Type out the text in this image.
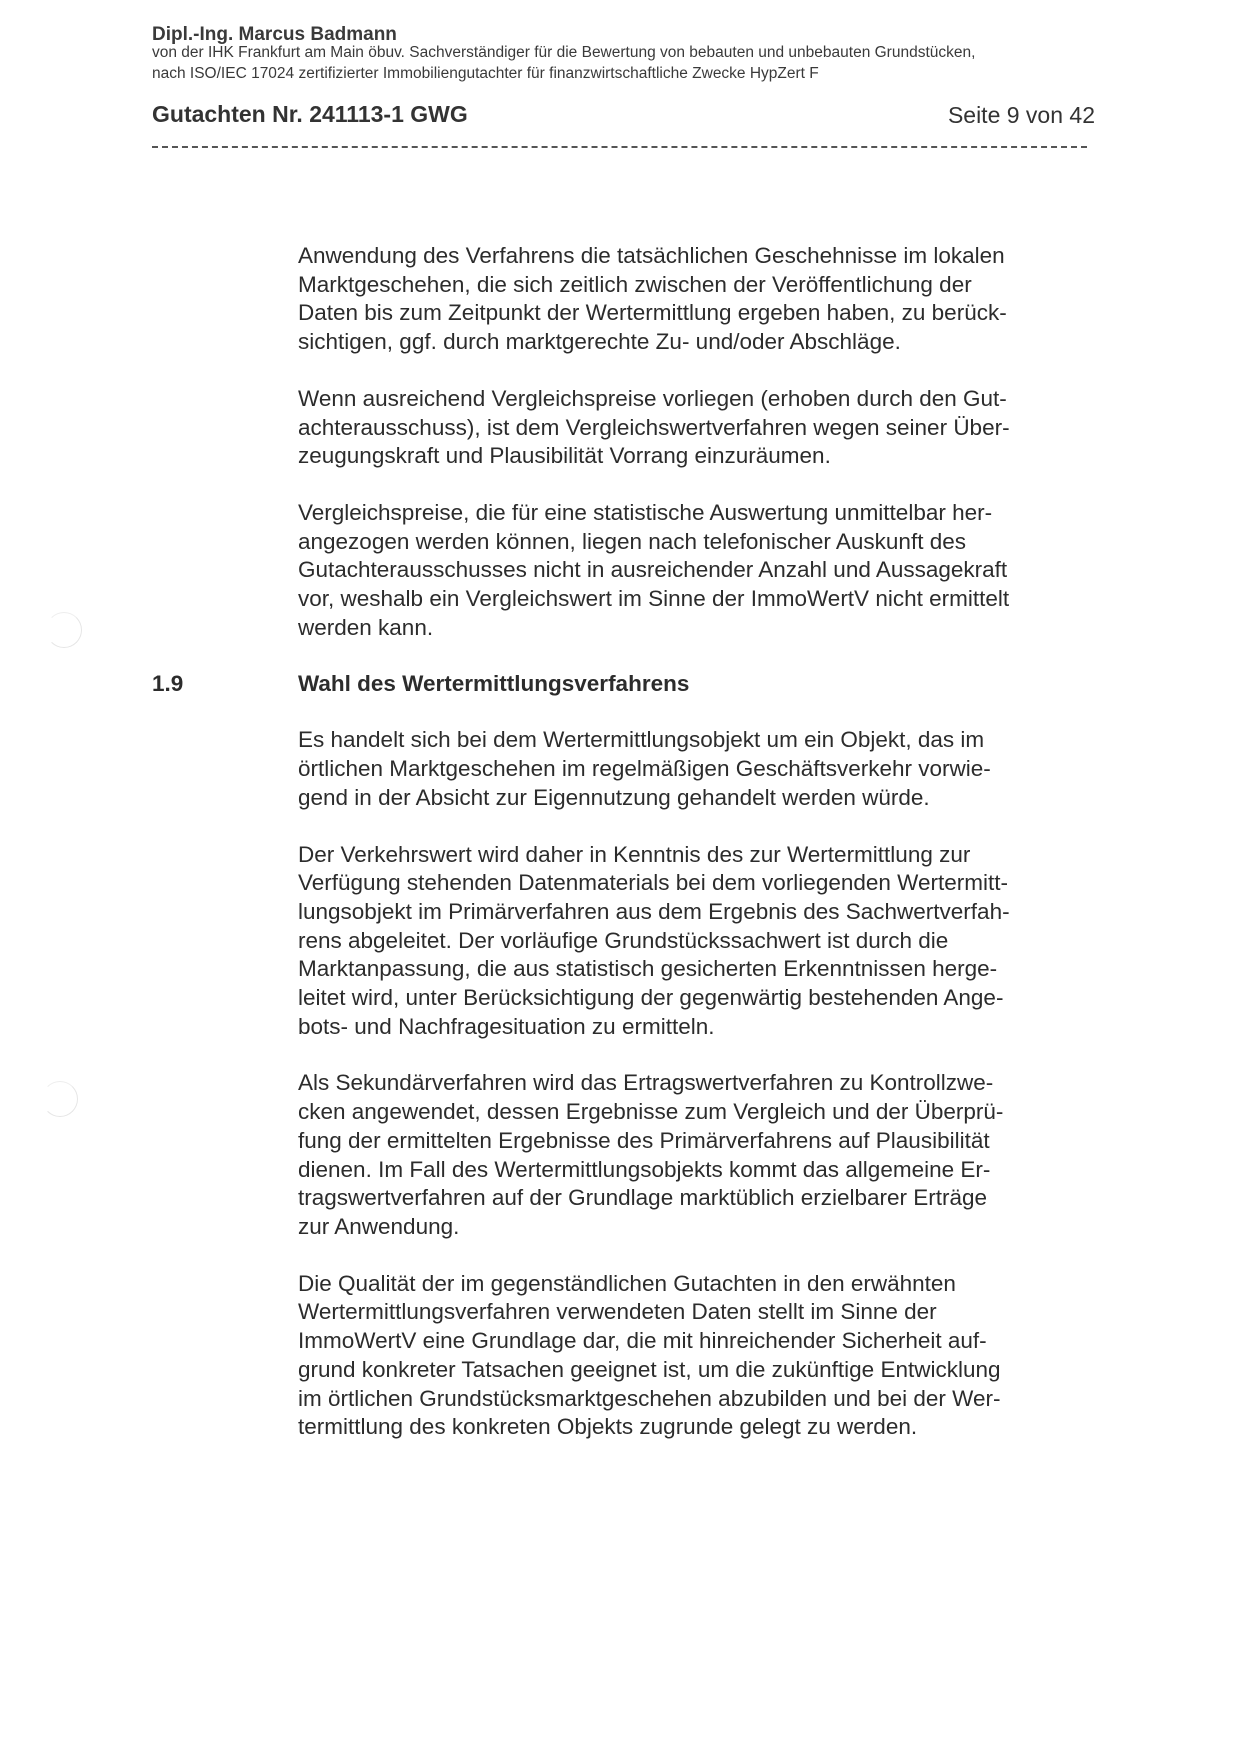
Dipl.-Ing. Marcus Badmann
von der IHK Frankfurt am Main öbuv. Sachverständiger für die Bewertung von bebauten und unbebauten Grundstücken,
nach ISO/IEC 17024 zertifizierter Immobiliengutachter für finanzwirtschaftliche Zwecke HypZert F
Gutachten Nr. 241113-1 GWG	Seite 9 von 42

Anwendung des Verfahrens die tatsächlichen Geschehnisse im lokalen
Marktgeschehen, die sich zeitlich zwischen der Veröffentlichung der
Daten bis zum Zeitpunkt der Wertermittlung ergeben haben, zu berück-
sichtigen, ggf. durch marktgerechte Zu- und/oder Abschläge.

Wenn ausreichend Vergleichspreise vorliegen (erhoben durch den Gut-
achterausschuss), ist dem Vergleichswertverfahren wegen seiner Über-
zeugungskraft und Plausibilität Vorrang einzuräumen.

Vergleichspreise, die für eine statistische Auswertung unmittelbar her-
angezogen werden können, liegen nach telefonischer Auskunft des
Gutachterausschusses nicht in ausreichender Anzahl und Aussagekraft
vor, weshalb ein Vergleichswert im Sinne der ImmoWertV nicht ermittelt
werden kann.

1.9	Wahl des Wertermittlungsverfahrens

Es handelt sich bei dem Wertermittlungsobjekt um ein Objekt, das im
örtlichen Marktgeschehen im regelmäßigen Geschäftsverkehr vorwie-
gend in der Absicht zur Eigennutzung gehandelt werden würde.

Der Verkehrswert wird daher in Kenntnis des zur Wertermittlung zur
Verfügung stehenden Datenmaterials bei dem vorliegenden Wertermitt-
lungsobjekt im Primärverfahren aus dem Ergebnis des Sachwertverfah-
rens abgeleitet. Der vorläufige Grundstückssachwert ist durch die
Marktanpassung, die aus statistisch gesicherten Erkenntnissen herge-
leitet wird, unter Berücksichtigung der gegenwärtig bestehenden Ange-
bots- und Nachfragesituation zu ermitteln.

Als Sekundärverfahren wird das Ertragswertverfahren zu Kontrollzwe-
cken angewendet, dessen Ergebnisse zum Vergleich und der Überprü-
fung der ermittelten Ergebnisse des Primärverfahrens auf Plausibilität
dienen. Im Fall des Wertermittlungsobjekts kommt das allgemeine Er-
tragswertverfahren auf der Grundlage marktüblich erzielbarer Erträge
zur Anwendung.

Die Qualität der im gegenständlichen Gutachten in den erwähnten
Wertermittlungsverfahren verwendeten Daten stellt im Sinne der
ImmoWertV eine Grundlage dar, die mit hinreichender Sicherheit auf-
grund konkreter Tatsachen geeignet ist, um die zukünftige Entwicklung
im örtlichen Grundstücksmarktgeschehen abzubilden und bei der Wer-
termittlung des konkreten Objekts zugrunde gelegt zu werden.
